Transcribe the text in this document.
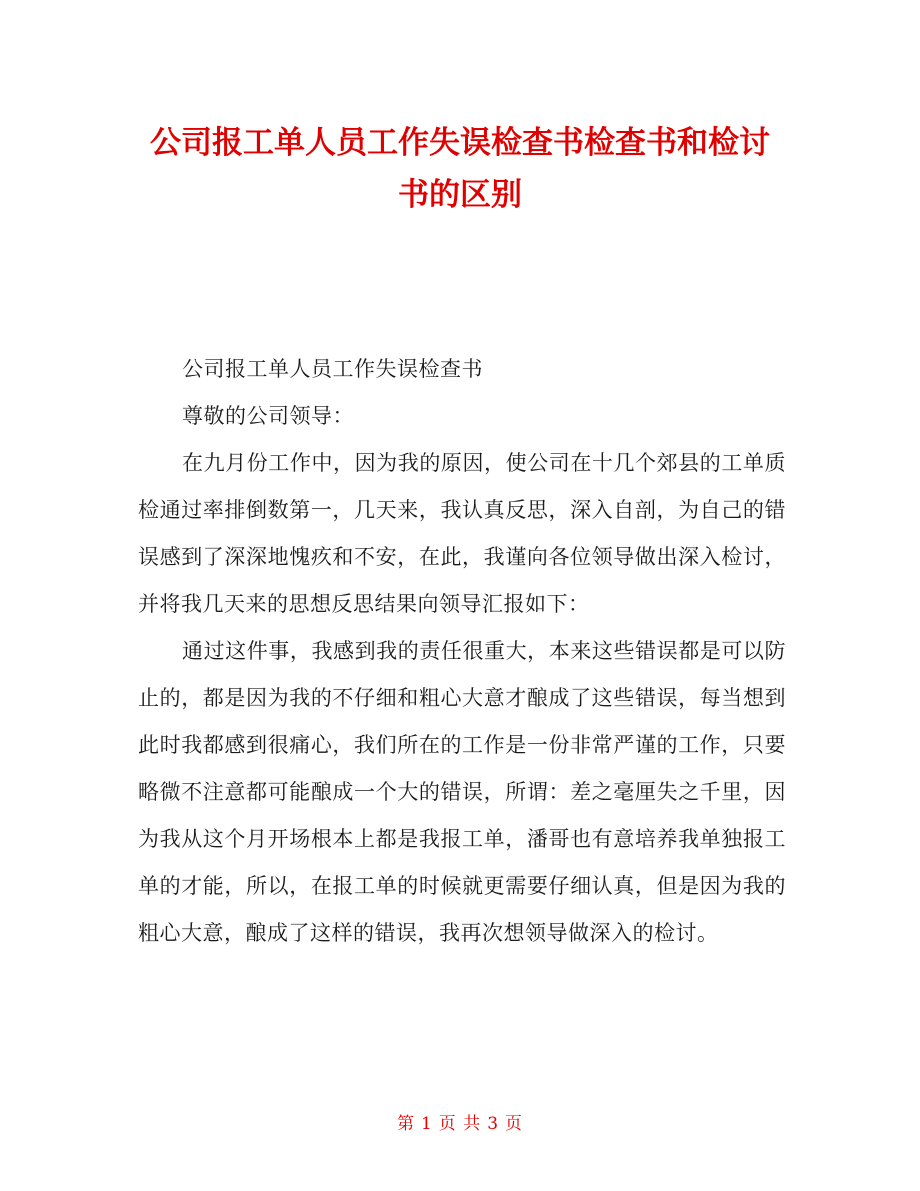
公司报工单人员工作失误检查书检查书和检讨书的区别

公司报工单人员工作失误检查书

尊敬的公司领导：

在九月份工作中，因为我的原因，使公司在十几个郊县的工单质检通过率排倒数第一，几天来，我认真反思，深入自剖，为自己的错误感到了深深地愧疚和不安，在此，我谨向各位领导做出深入检讨，并将我几天来的思想反思结果向领导汇报如下：

通过这件事，我感到我的责任很重大，本来这些错误都是可以防止的，都是因为我的不仔细和粗心大意才酿成了这些错误，每当想到此时我都感到很痛心，我们所在的工作是一份非常严谨的工作，只要略微不注意都可能酿成一个大的错误，所谓：差之毫厘失之千里，因为我从这个月开场根本上都是我报工单，潘哥也有意培养我单独报工单的才能，所以，在报工单的时候就更需要仔细认真，但是因为我的粗心大意，酿成了这样的错误，我再次想领导做深入的检讨。

第 1 页 共 3 页
